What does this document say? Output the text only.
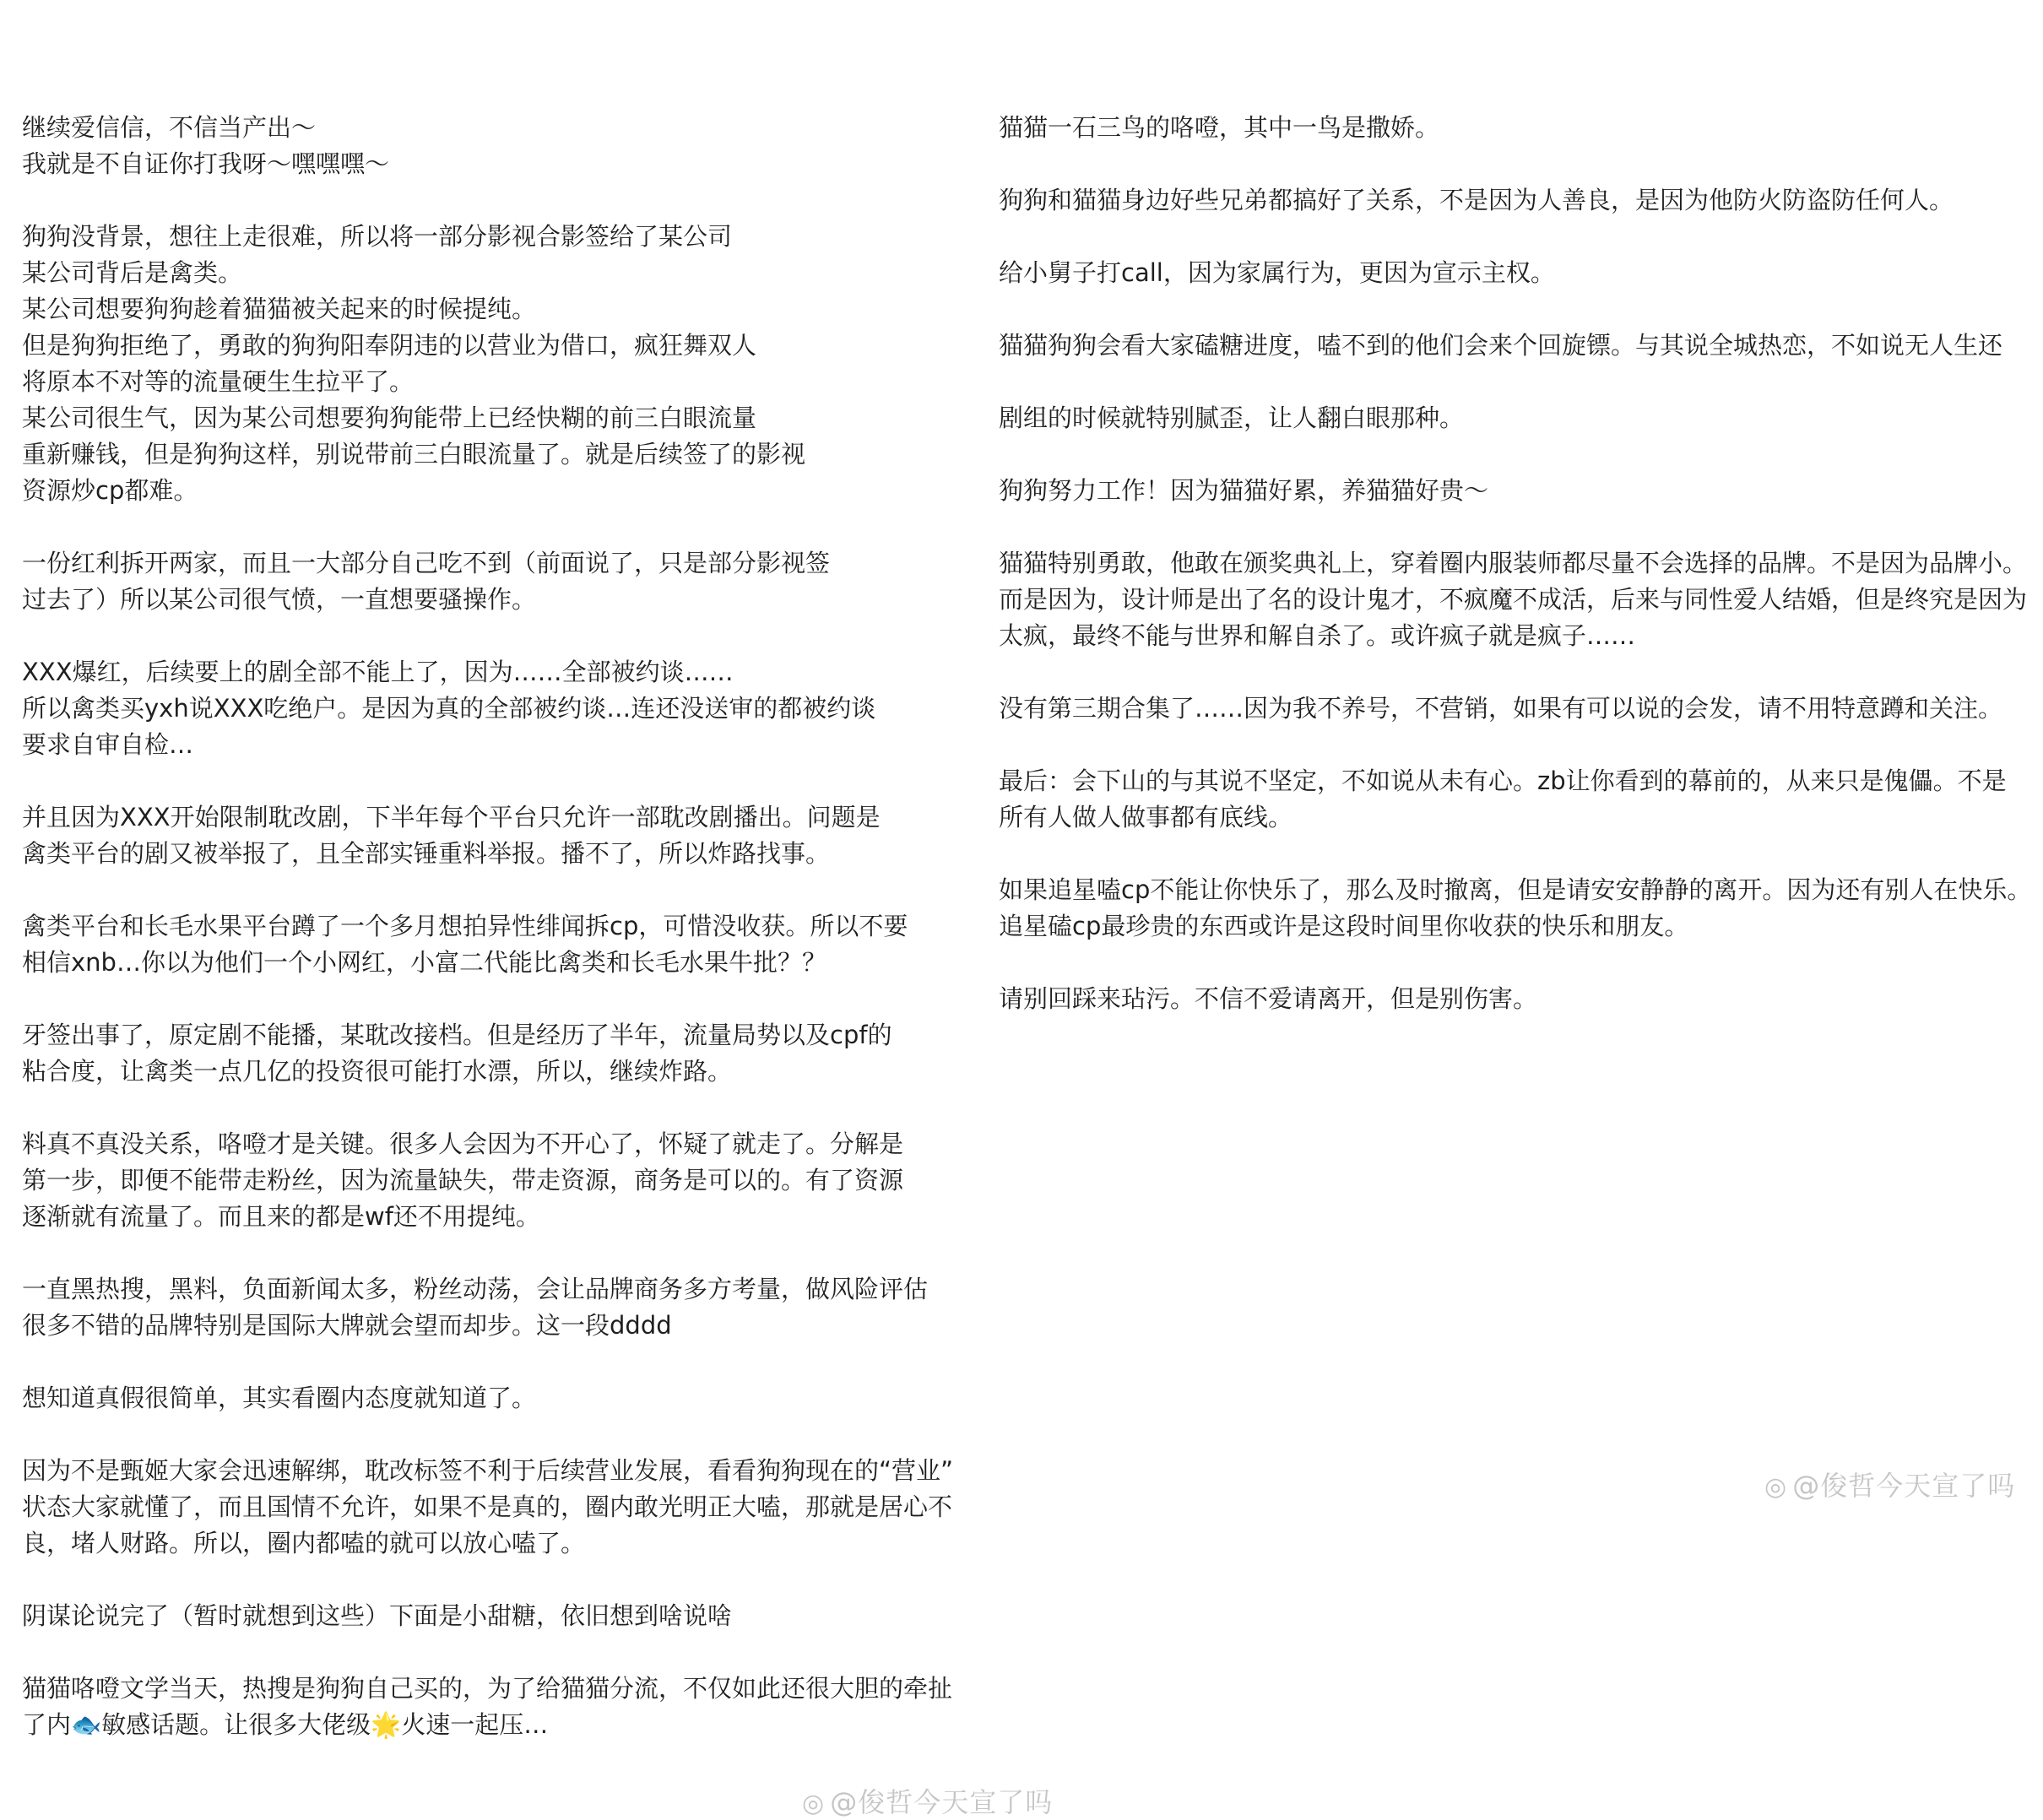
继续爱信信，不信当产出～
我就是不自证你打我呀～嘿嘿嘿～
狗狗没背景，想往上走很难，所以将一部分影视合影签给了某公司
某公司背后是禽类。
某公司想要狗狗趁着猫猫被关起来的时候提纯。
但是狗狗拒绝了，勇敢的狗狗阳奉阴违的以营业为借口，疯狂舞双人
将原本不对等的流量硬生生拉平了。
某公司很生气，因为某公司想要狗狗能带上已经快糊的前三白眼流量
重新赚钱，但是狗狗这样，别说带前三白眼流量了。就是后续签了的影视
资源炒cp都难。
一份红利拆开两家，而且一大部分自己吃不到（前面说了，只是部分影视签
过去了）所以某公司很气愤，一直想要骚操作。
XXX爆红，后续要上的剧全部不能上了，因为……全部被约谈……
所以禽类买yxh说XXX吃绝户。是因为真的全部被约谈…连还没送审的都被约谈
要求自审自检…
并且因为XXX开始限制耽改剧，下半年每个平台只允许一部耽改剧播出。问题是
禽类平台的剧又被举报了，且全部实锤重料举报。播不了，所以炸路找事。
禽类平台和长毛水果平台蹲了一个多月想拍异性绯闻拆cp，可惜没收获。所以不要
相信xnb…你以为他们一个小网红，小富二代能比禽类和长毛水果牛批？？
牙签出事了，原定剧不能播，某耽改接档。但是经历了半年，流量局势以及cpf的
粘合度，让禽类一点几亿的投资很可能打水漂，所以，继续炸路。
料真不真没关系，咯噔才是关键。很多人会因为不开心了，怀疑了就走了。分解是
第一步，即便不能带走粉丝，因为流量缺失，带走资源，商务是可以的。有了资源
逐渐就有流量了。而且来的都是wf还不用提纯。
一直黑热搜，黑料，负面新闻太多，粉丝动荡，会让品牌商务多方考量，做风险评估
很多不错的品牌特别是国际大牌就会望而却步。这一段dddd
想知道真假很简单，其实看圈内态度就知道了。
因为不是甄姬大家会迅速解绑，耽改标签不利于后续营业发展，看看狗狗现在的“营业”
状态大家就懂了，而且国情不允许，如果不是真的，圈内敢光明正大嗑，那就是居心不
良，堵人财路。所以，圈内都嗑的就可以放心嗑了。
阴谋论说完了（暂时就想到这些）下面是小甜糖，依旧想到啥说啥
猫猫咯噔文学当天，热搜是狗狗自己买的，为了给猫猫分流，不仅如此还很大胆的牵扯
了内🐟敏感话题。让很多大佬级🌟火速一起压…
猫猫一石三鸟的咯噔，其中一鸟是撒娇。
狗狗和猫猫身边好些兄弟都搞好了关系，不是因为人善良，是因为他防火防盗防任何人。
给小舅子打call，因为家属行为，更因为宣示主权。
猫猫狗狗会看大家磕糖进度，嗑不到的他们会来个回旋镖。与其说全城热恋，不如说无人生还
剧组的时候就特别腻歪，让人翻白眼那种。
狗狗努力工作！因为猫猫好累，养猫猫好贵～
猫猫特别勇敢，他敢在颁奖典礼上，穿着圈内服装师都尽量不会选择的品牌。不是因为品牌小。
而是因为，设计师是出了名的设计鬼才，不疯魔不成活，后来与同性爱人结婚，但是终究是因为
太疯，最终不能与世界和解自杀了。或许疯子就是疯子……
没有第三期合集了……因为我不养号，不营销，如果有可以说的会发，请不用特意蹲和关注。
最后：会下山的与其说不坚定，不如说从未有心。zb让你看到的幕前的，从来只是傀儡。不是
所有人做人做事都有底线。
如果追星嗑cp不能让你快乐了，那么及时撤离，但是请安安静静的离开。因为还有别人在快乐。
追星磕cp最珍贵的东西或许是这段时间里你收获的快乐和朋友。
请别回踩来玷污。不信不爱请离开，但是别伤害。
◎ @俊哲今天宣了吗
◎ @俊哲今天宣了吗
